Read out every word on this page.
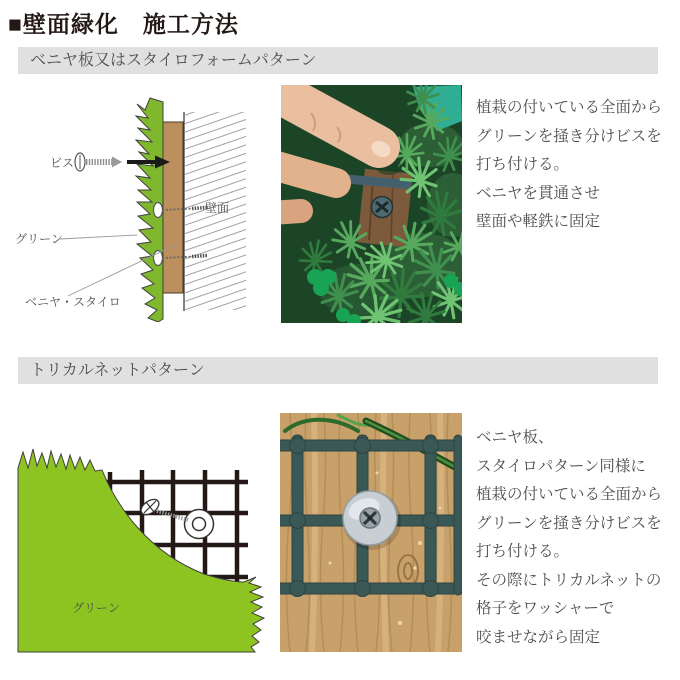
■壁面緑化　施工方法
ベニヤ板又はスタイロフォームパターン
ビス
壁面
グリーン
ベニヤ・スタイロ
植栽の付いている全面から
グリーンを掻き分けビスを
打ち付ける。
ベニヤを貫通させ
壁面や軽鉄に固定
トリカルネットパターン
グリーン
ベニヤ板、
スタイロパターン同様に
植栽の付いている全面から
グリーンを掻き分けビスを
打ち付ける。
その際にトリカルネットの
格子をワッシャーで
咬ませながら固定
